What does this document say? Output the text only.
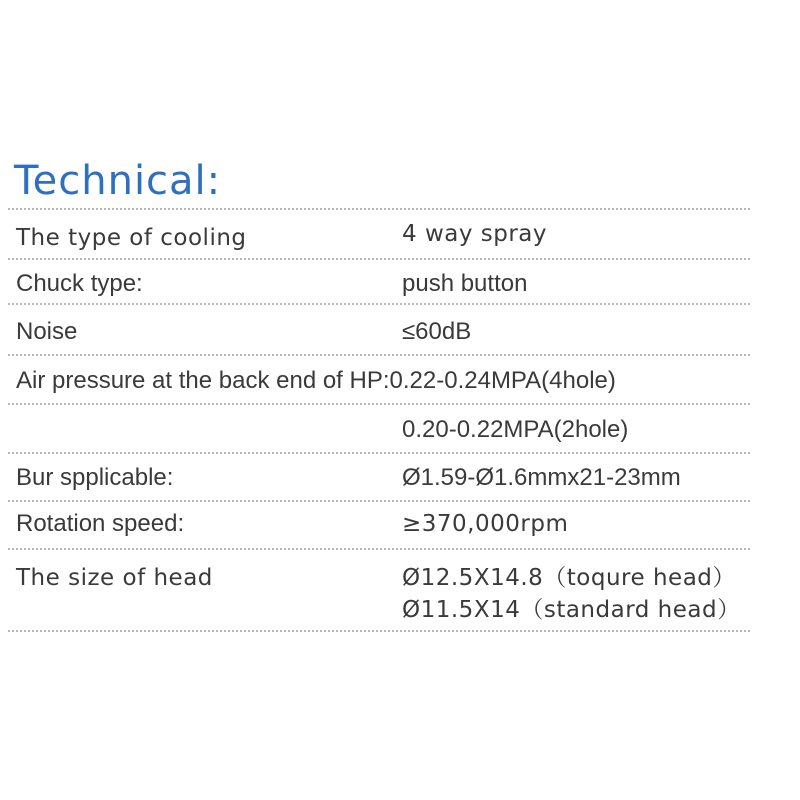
Technical:
The type of cooling	4 way spray
Chuck type:	push button
Noise	≤60dB
Air pressure at the back end of HP:0.22-0.24MPA(4hole)
0.20-0.22MPA(2hole)
Bur spplicable:	Ø1.59-Ø1.6mmx21-23mm
Rotation speed:	≥370,000rpm
The size of head	Ø12.5X14.8（toqure head）
Ø11.5X14（standard head）
